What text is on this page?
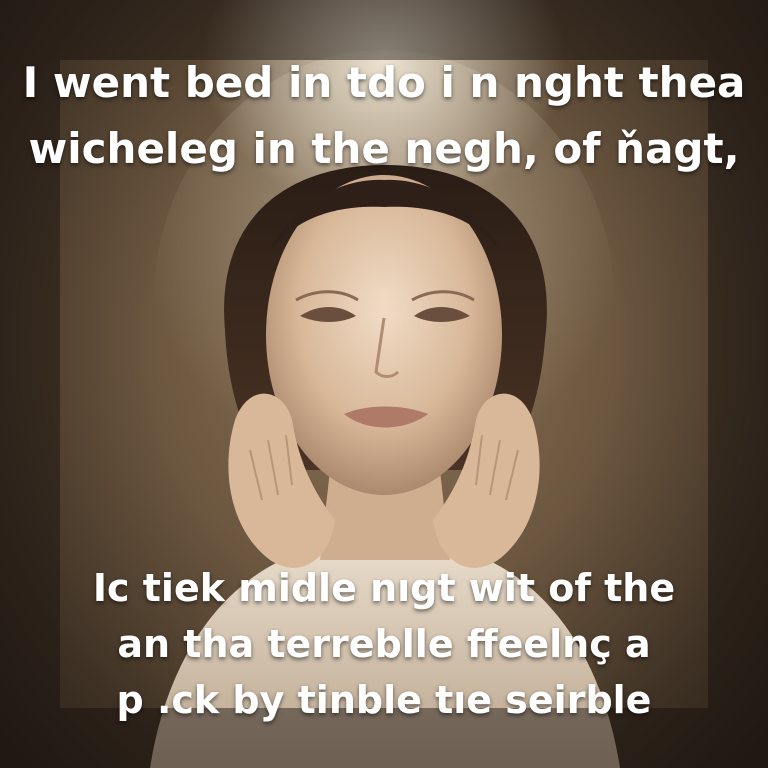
I went bed in tdo i n nght thea
wicheleg in the negh, of ňagt,
Ic tiek midle nıgt wit of the
an tha terreblle ffeelnç a
p .ck by tinble tıe seirble
